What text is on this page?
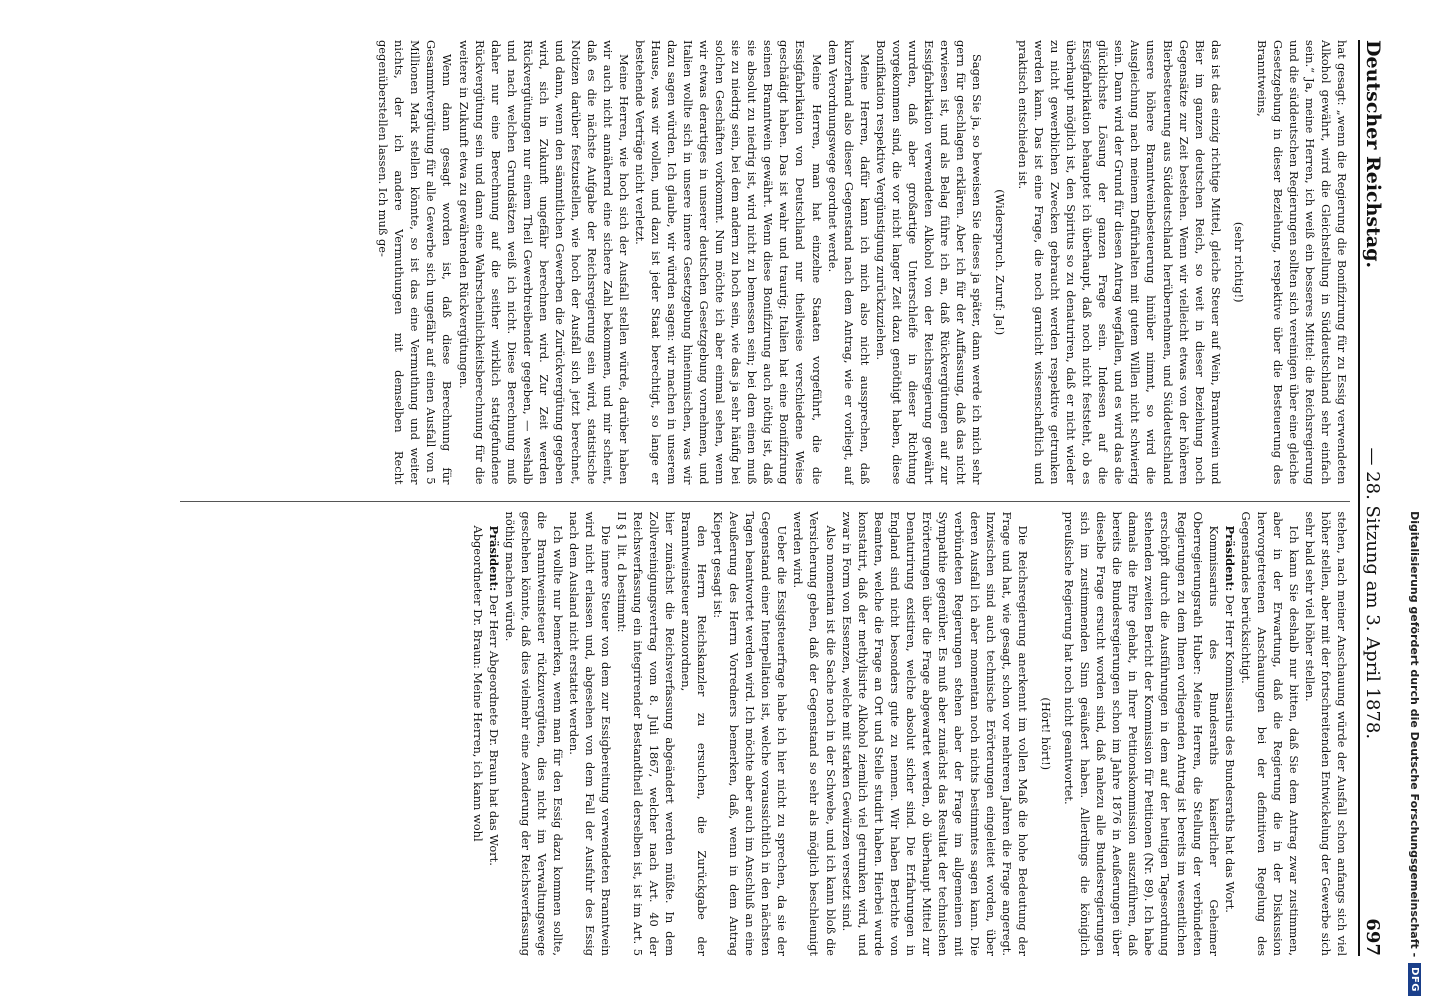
Deutscher Reichstag.
— 28. Sitzung am 3. April 1878.
697

hat gesagt: „wenn die Regierung die Bonifizirung für zu Essig verwendeten Alkohol gewährt, wird die Gleichstellung in Süddeutschland sehr einfach sein.“ Ja, meine Herren, ich weiß ein besseres Mittel: die Reichsregierung und die süddeutschen Regierungen sollten sich vereinigen über eine gleiche Gesetzgebung in dieser Beziehung, respektive über die Besteuerung des Branntweins,

(sehr richtig!)

das ist das einzig richtige Mittel, gleiche Steuer auf Wein, Branntwein und Bier im ganzen deutschen Reich, so weit in dieser Beziehung noch Gegensätze zur Zeit bestehen. Wenn wir vielleicht etwas von der höheren Bierbesteuerung aus Süddeutschland herübernehmen, und Süddeutschland unsere höhere Branntweinbesteuerung hinüber nimmt, so wird die Ausgleichung nach meinem Dafürhalten mit gutem Willen nicht schwierig sein. Dann wird der Grund für diesen Antrag wegfallen, und es wird das die glücklichste Lösung der ganzen Frage sein. Indessen auf die Essigfabrikation behauptet ich überhaupt, daß noch nicht feststeht, ob es überhaupt möglich ist, den Spiritus so zu denaturiren, daß er nicht wieder zu nicht gewerblichen Zwecken gebraucht werden respektive getrunken werden kann. Das ist eine Frage, die noch garnicht wissenschaftlich und praktisch entschieden ist.

(Widerspruch. Zuruf: Ja!)

Sagen Sie ja, so beweisen Sie dieses ja später, dann werde ich mich sehr gern für geschlagen erklären. Aber ich für der Auffassung, daß das nicht erwiesen ist, und als Belag führe ich an, daß Rückvergütungen auf zur Essigfabrikation verwendeten Alkohol von der Reichsregierung gewährt wurden, daß aber großartige Unterschleife in dieser Richtung vorgekommen sind, die vor nicht langer Zeit dazu genöthigt haben, diese Bonifikation respektive Vergünstigung zurückzuziehen.

Meine Herren, dafür kann ich mich also nicht aussprechen, daß kurzerhand also dieser Gegenstand nach dem Antrag, wie er vorliegt, auf dem Verordnungswege geordnet werde.

Meine Herren, man hat einzelne Staaten vorgeführt, die die Essigfabrikation von Deutschland nur theilweise verschiedene Weise geschädigt haben. Das ist wahr und traurig; Italien hat eine Bonifizirung seinen Branntwein gewährt. Wenn diese Bonifizirung auch nöthig ist, daß sie absolut zu niedrig ist, wird nicht zu bemessen sein; bei dem einen muß sie zu niedrig sein, bei dem andern zu hoch sein, wie das ja sehr häufig bei solchen Geschäften vorkommt. Nun möchte ich aber einmal sehen, wenn wir etwas derartiges in unserer deutschen Gesetzgebung vornehmen, und Italien wollte sich in unsere innere Gesetzgebung hineinmischen, was wir dazu sagen würden. Ich glaube, wir würden sagen: wir machen in unserem Hause, was wir wollen, und dazu ist jeder Staat berechtigt, so lange er bestehende Verträge nicht verletzt.

Meine Herren, wie hoch sich der Ausfall stellen würde, darüber haben wir auch nicht annähernd eine sichere Zahl bekommen, und mir scheint, daß es die nächste Aufgabe der Reichsregierung sein wird, statistische Notizen darüber festzustellen, wie hoch der Ausfall sich jetzt berechnet, und dann, wenn den sämmtlichen Gewerben die Zurückvergütung gegeben wird, sich in Zukunft ungefähr berechnen wird. Zur Zeit werden Rückvergütungen nur einem Theil Gewerbtreibender gegeben, — weshalb und nach welchen Grundsätzen weiß ich nicht. Diese Berechnung muß daher nur eine Berechnung auf die seither wirklich stattgefundene Rückvergütung sein und dann eine Wahrscheinlichkeitsberechnung für die weitere in Zukunft etwa zu gewährenden Rückvergütungen.

Wenn dann gesagt worden ist, daß diese Berechnung für Gesammtvergütung für alle Gewerbe sich ungefähr auf einen Ausfall von 5 Millionen Mark stellen könnte, so ist das eine Vermuthung und weiter nichts, der ich andere Vermuthungen mit demselben Recht gegenüberstellen lassen. Ich muß ge-

stehen, nach meiner Anschauung würde der Ausfall schon anfangs sich viel höher stellen, aber mit der fortschreitenden Entwickelung der Gewerbe sich sehr bald sehr viel höher stellen.

Ich kann Sie deshalb nur bitten, daß Sie dem Antrag zwar zustimmen, aber in der Erwartung, daß die Regierung die in der Diskussion hervorgetretenen Anschauungen bei der definitiven Regelung des Gegenstandes berücksichtigt.

Präsident: Der Herr Kommissarius des Bundesraths hat das Wort.

Kommissarius des Bundesraths kaiserlicher Geheimer Oberregierungsrath Huber: Meine Herren, die Stellung der verbündeten Regierungen zu dem Ihnen vorliegenden Antrag ist bereits im wesentlichen erschöpft durch die Ausführungen in dem auf der heutigen Tagesordnung stehenden zweiten Bericht der Kommission für Petitionen (Nr. 89). Ich habe damals die Ehre gehabt, in Ihrer Petitionskommission auszuführen, daß bereits die Bundesregierungen schon im Jahre 1876 in Aeußerungen über dieselbe Frage ersucht worden sind, daß nahezu alle Bundesregierungen sich im zustimmenden Sinn geäußert haben. Allerdings die königlich preußische Regierung hat noch nicht geantwortet.

(Hört! hört!)

Die Reichsregierung anerkennt im vollen Maß die hohe Bedeutung der Frage und hat, wie gesagt, schon vor mehreren Jahren die Frage angeregt. Inzwischen sind auch technische Erörterungen eingeleitet worden, über deren Ausfall ich aber momentan noch nichts bestimmtes sagen kann. Die verbündeten Regierungen stehen aber der Frage im allgemeinen mit Sympathie gegenüber. Es muß aber zunächst das Resultat der technischen Erörterungen über die Frage abgewartet werden, ob überhaupt Mittel zur Denaturirung existiren, welche absolut sicher sind. Die Erfahrungen in England sind nicht besonders gute zu nennen. Wir haben Berichte von Beamten, welche die Frage an Ort und Stelle studirt haben. Hierbei wurde konstatirt, daß der methylisirte Alkohol ziemlich viel getrunken wird, und zwar in Form von Essenzen, welche mit starken Gewürzen versetzt sind.

Also momentan ist die Sache noch in der Schwebe, und ich kann bloß die Versicherung geben, daß der Gegenstand so sehr als möglich beschleunigt werden wird.

Ueber die Essigsteuerfrage habe ich hier nicht zu sprechen, da sie der Gegenstand einer Interpellation ist, welche voraussichtlich in den nächsten Tagen beantwortet werden wird. Ich möchte aber auch im Anschluß an eine Aeußerung des Herrn Vorredners bemerken, daß, wenn in dem Antrag Kiepert gesagt ist:

den Herrn Reichskanzler zu ersuchen, die Zurückgabe der Branntweinsteuer anzuordnen,

hier zunächst die Reichsverfassung abgeändert werden müßte. In dem Zollvereinigungsvertrag vom 8. Juli 1867, welcher nach Art. 40 der Reichsverfassung ein integrirender Bestandtheil derselben ist, ist im Art. 5 II § 1 lit. d bestimmt:

Die innere Steuer von dem zur Essigbereitung verwendeten Branntwein wird nicht erlassen und, abgesehen von dem Fall der Ausfuhr des Essig nach dem Ausland nicht erstattet werden.

Ich wollte nur bemerken, wenn man für den Essig dazu kommen sollte, die Branntweinsteuer rückzuvergüten, dies nicht im Verwaltungswege geschehen könnte, daß dies vielmehr eine Aenderung der Reichsverfassung nöthig machen würde.

Präsident: Der Herr Abgeordnete Dr. Braun hat das Wort.

Abgeordneter Dr. Braun: Meine Herren, ich kann wohl	Digitalisierung gefördert durch die Deutsche Forschungsgemeinschaft -
DFG
